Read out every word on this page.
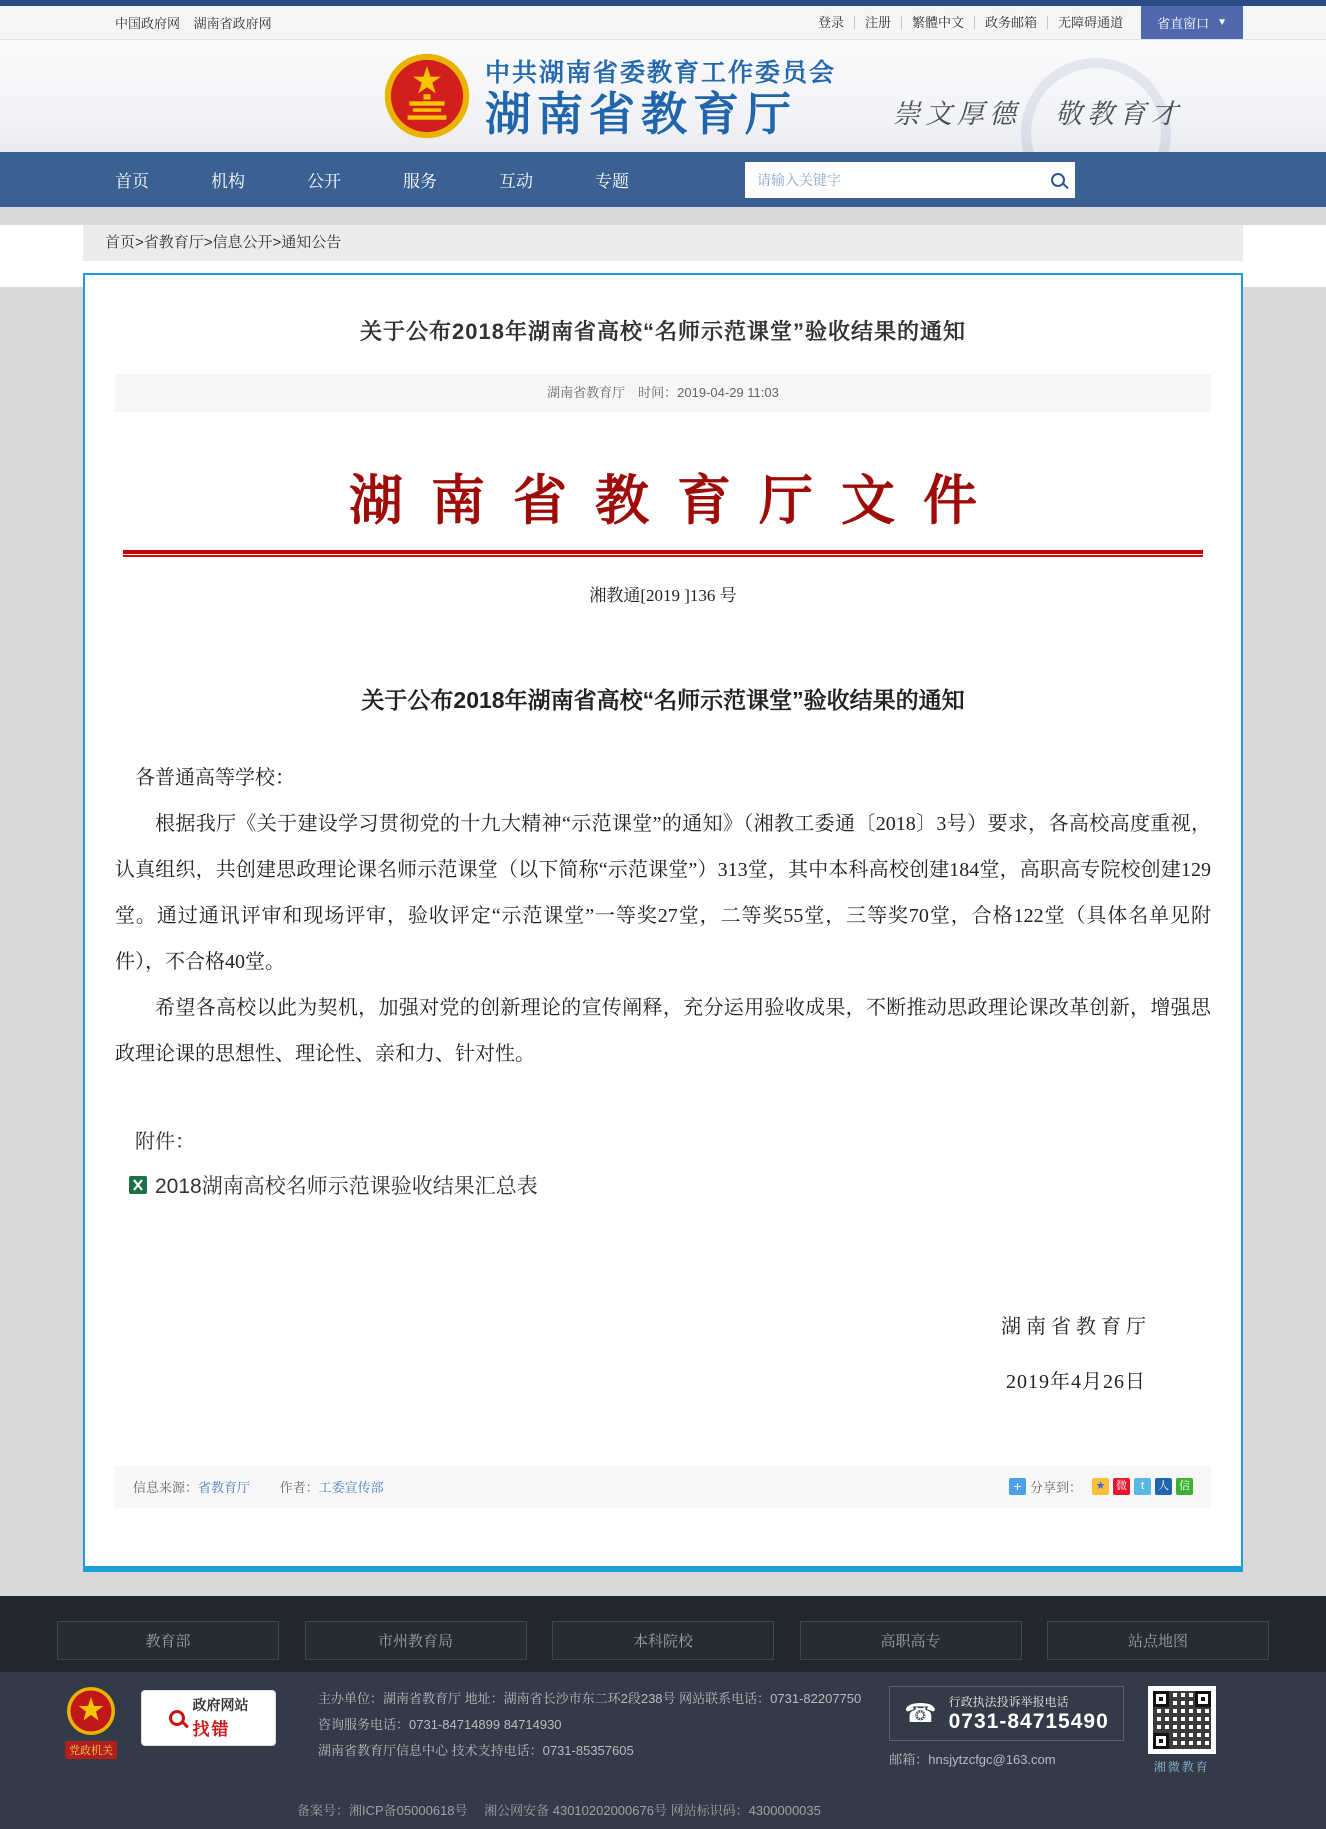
中国政府网 湖南省政府网	登录	注册	繁體中文	政务邮箱	无障碍通道	省直窗口 ▼
中共湖南省委教育工作委员会
湖南省教育厅	崇文厚德 敬教育才
首页	机构	公开	服务	互动	专题
请输入关键字
首页>省教育厅>信息公开>通知公告
关于公布2018年湖南省高校“名师示范课堂”验收结果的通知
湖南省教育厅　时间：2019-04-29 11:03
湖南省教育厅文件
湘教通[2019 ]136 号
关于公布2018年湖南省高校“名师示范课堂”验收结果的通知

各普通高等学校：

根据我厅《关于建设学习贯彻党的十九大精神“示范课堂”的通知》（湘教工委通〔2018〕3号）要求，各高校高度重视，认真组织，共创建思政理论课名师示范课堂（以下简称“示范课堂”）313堂，其中本科高校创建184堂，高职高专院校创建129堂。通过通讯评审和现场评审，验收评定“示范课堂”一等奖27堂，二等奖55堂，三等奖70堂，合格122堂（具体名单见附件），不合格40堂。

希望各高校以此为契机，加强对党的创新理论的宣传阐释，充分运用验收成果，不断推动思政理论课改革创新，增强思政理论课的思想性、理论性、亲和力、针对性。

附件：
2018湖南高校名师示范课验收结果汇总表
湖南省教育厅
2019年4月26日
信息来源：省教育厅 作者：工委宣传部	+ 分享到：	★ 微	t	人 信
教育部	市州教育局	本科院校	高职高专	站点地图
党政机关
政府网站
找错
主办单位：湖南省教育厅 地址：湖南省长沙市东二环2段238号 网站联系电话：0731-82207750
咨询服务电话：0731-84714899 84714930
湖南省教育厅信息中心 技术支持电话：0731-85357605
☎ 行政执法投诉举报电话
0731-84715490
邮箱：hnsjytzcfgc@163.com	湘微教育
备案号：湘ICP备05000618号　 湘公网安备 43010202000676号 网站标识码：4300000035
